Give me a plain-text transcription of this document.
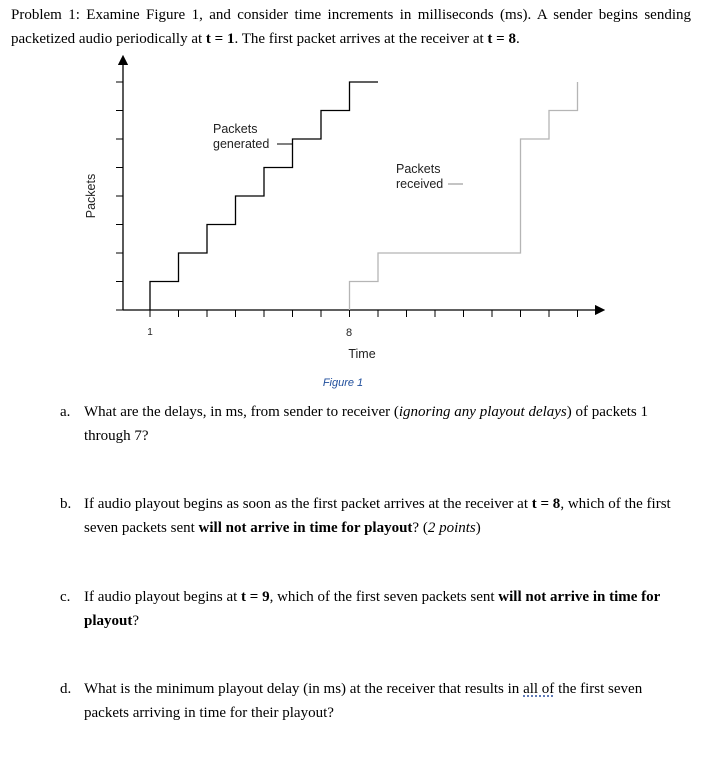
Problem 1: Examine Figure 1, and consider time increments in milliseconds (ms). A sender begins sending packetized audio periodically at t = 1. The first packet arrives at the receiver at t = 8.
Packets
generated
Packets
received
Packets
1	8
Time
Figure 1
a. What are the delays, in ms, from sender to receiver (ignoring any playout delays) of packets 1 through 7?
b. If audio playout begins as soon as the first packet arrives at the receiver at t = 8, which of the first seven packets sent will not arrive in time for playout? (2 points)
c. If audio playout begins at t = 9, which of the first seven packets sent will not arrive in time for playout?
d. What is the minimum playout delay (in ms) at the receiver that results in all of the first seven packets arriving in time for their playout?
